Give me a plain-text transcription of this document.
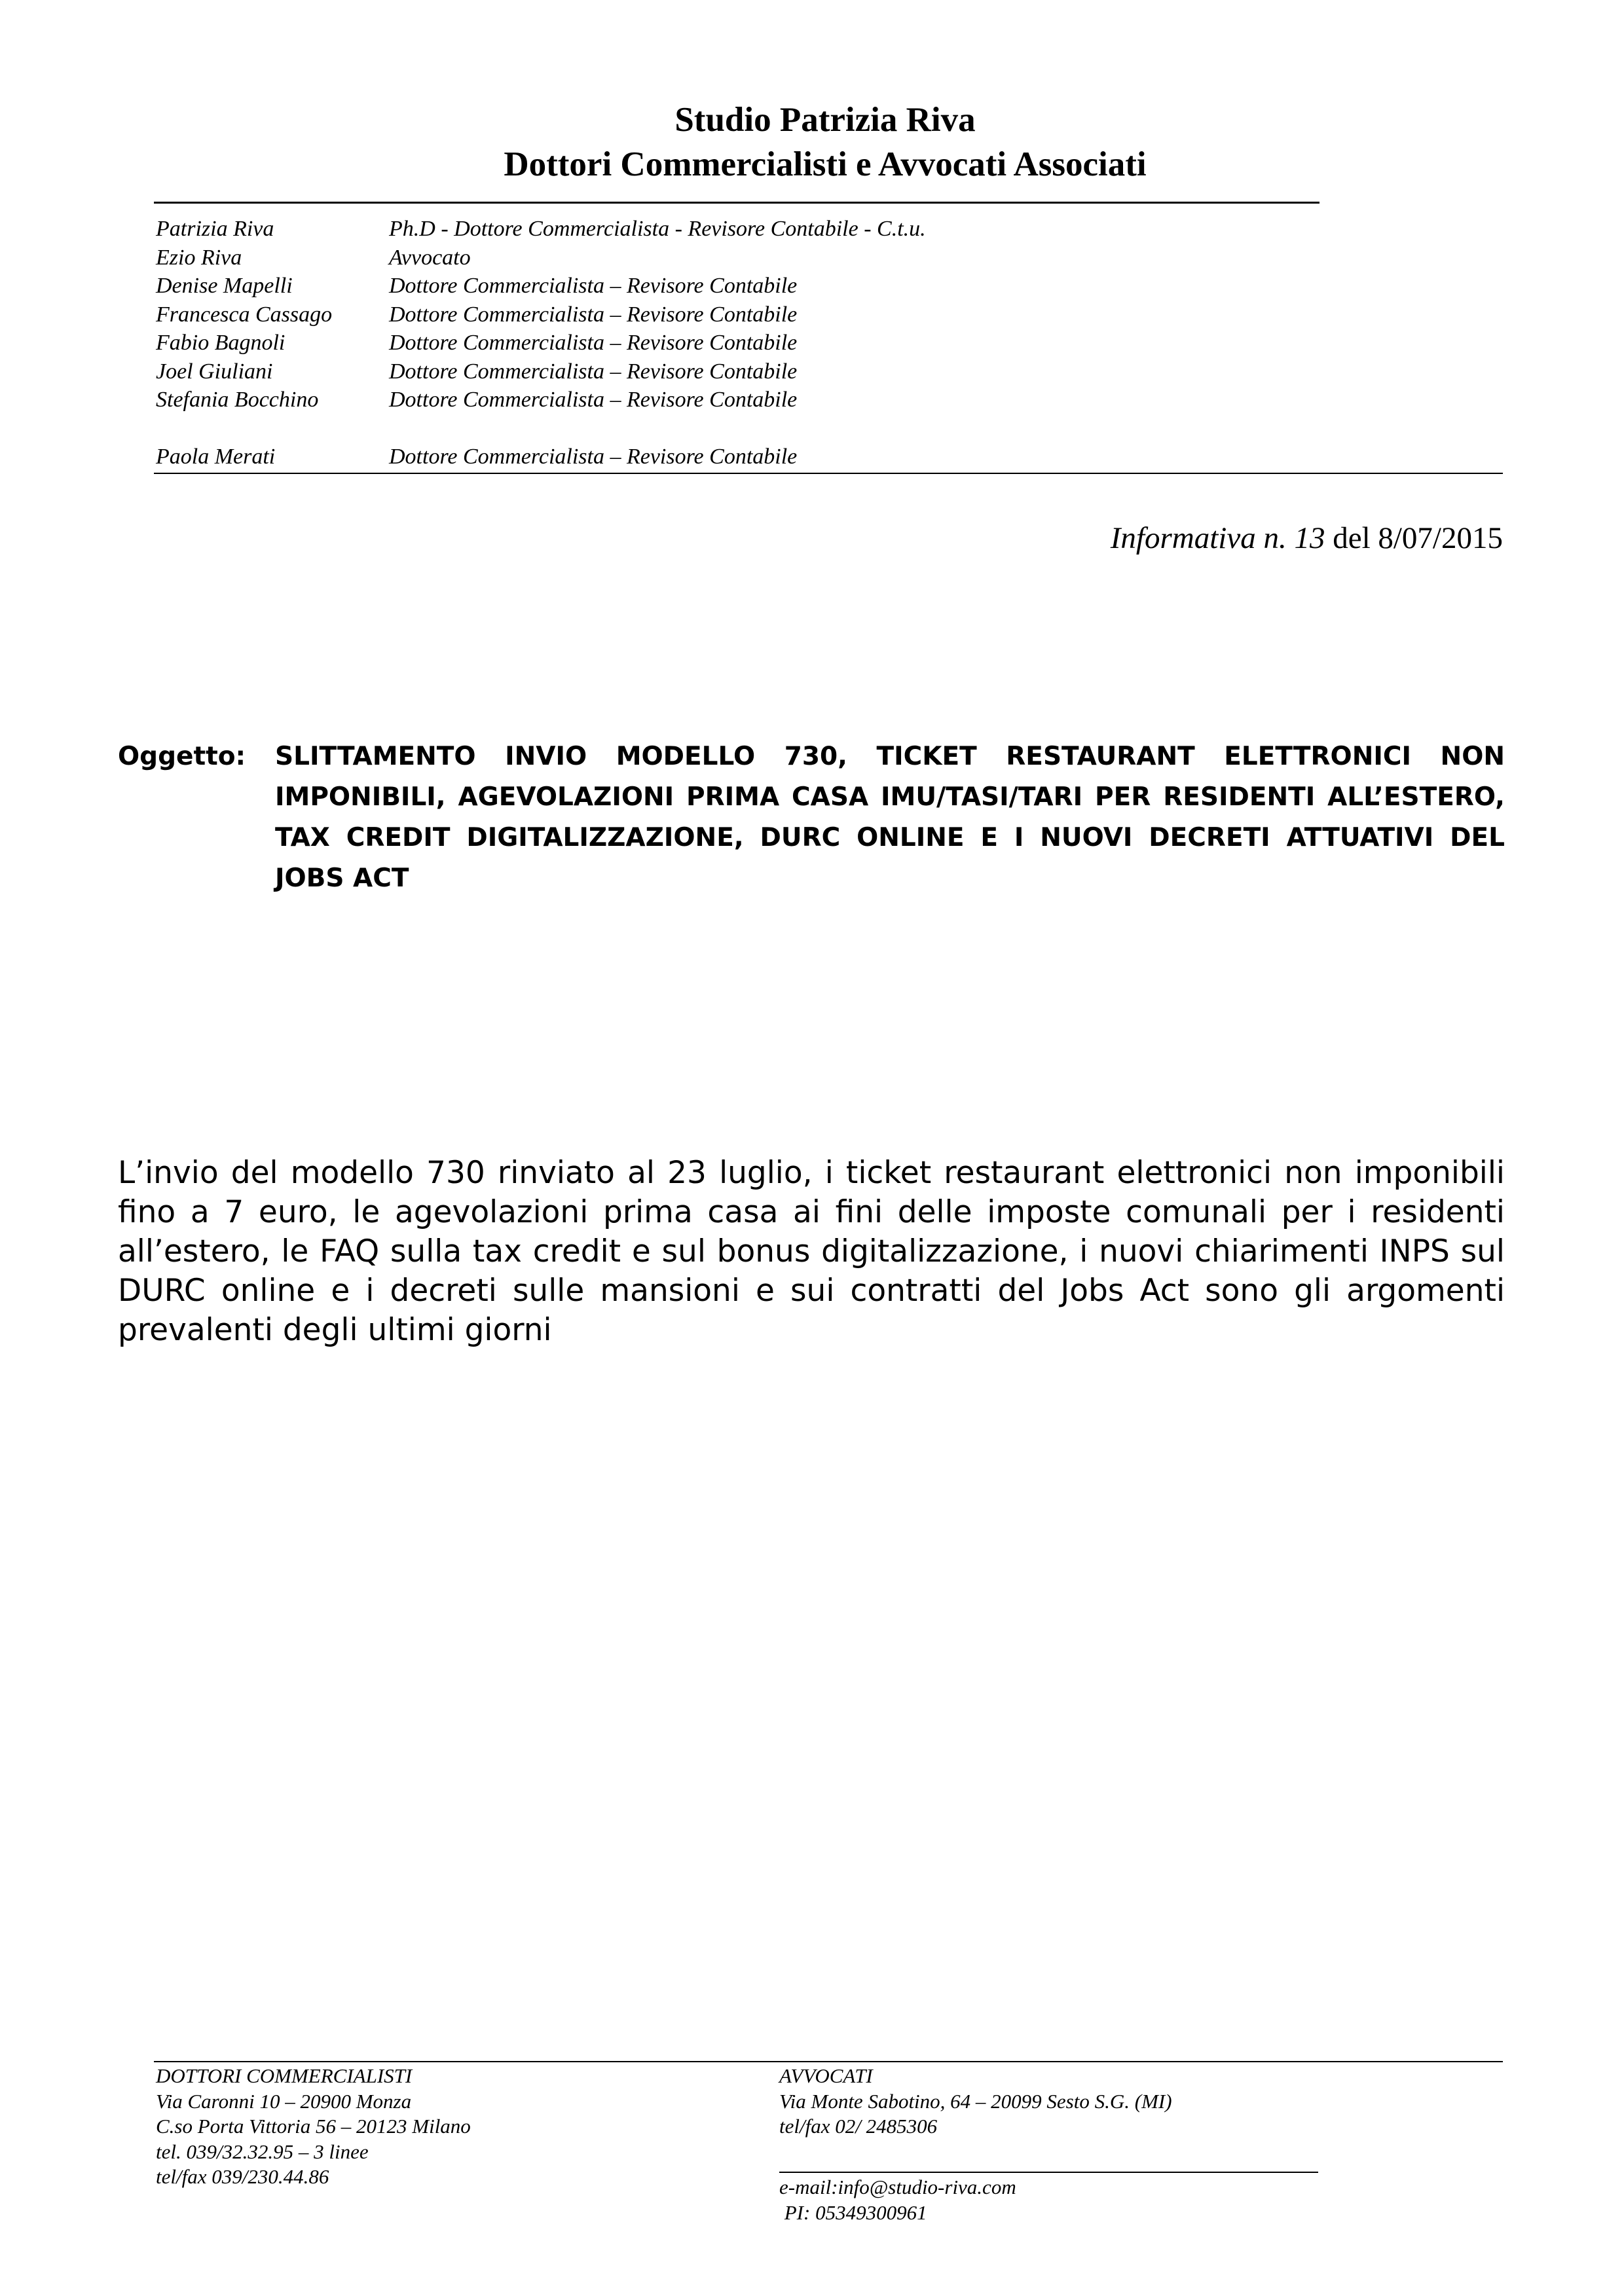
Studio Patrizia Riva
Dottori Commercialisti e Avvocati Associati
Patrizia Riva	Ph.D - Dottore Commercialista - Revisore Contabile - C.t.u.
Ezio Riva	Avvocato
Denise Mapelli	Dottore Commercialista – Revisore Contabile
Francesca Cassago	Dottore Commercialista – Revisore Contabile
Fabio Bagnoli	Dottore Commercialista – Revisore Contabile
Joel Giuliani	Dottore Commercialista – Revisore Contabile
Stefania Bocchino	Dottore Commercialista – Revisore Contabile
Paola Merati	Dottore Commercialista – Revisore Contabile
Informativa n. 13 del 8/07/2015
Oggetto:	SLITTAMENTO INVIO MODELLO 730, TICKET RESTAURANT ELETTRONICI NON IMPONIBILI, AGEVOLAZIONI PRIMA CASA IMU/TASI/TARI PER RESIDENTI ALL’ESTERO, TAX CREDIT DIGITALIZZAZIONE, DURC ONLINE E I NUOVI DECRETI ATTUATIVI DEL JOBS ACT
L’invio del modello 730 rinviato al 23 luglio, i ticket restaurant elettronici non imponibili fino a 7 euro, le agevolazioni prima casa ai fini delle imposte comunali per i residenti all’estero, le FAQ sulla tax credit e sul bonus digitalizzazione, i nuovi chiarimenti INPS sul DURC online e i decreti sulle mansioni e sui contratti del Jobs Act sono gli argomenti prevalenti degli ultimi giorni
DOTTORI COMMERCIALISTI
Via Caronni 10 – 20900 Monza
C.so Porta Vittoria 56 – 20123 Milano
tel. 039/32.32.95 – 3 linee
tel/fax 039/230.44.86
AVVOCATI
Via Monte Sabotino, 64 – 20099 Sesto S.G. (MI)
tel/fax 02/ 2485306
e-mail:info@studio-riva.com
PI: 05349300961
